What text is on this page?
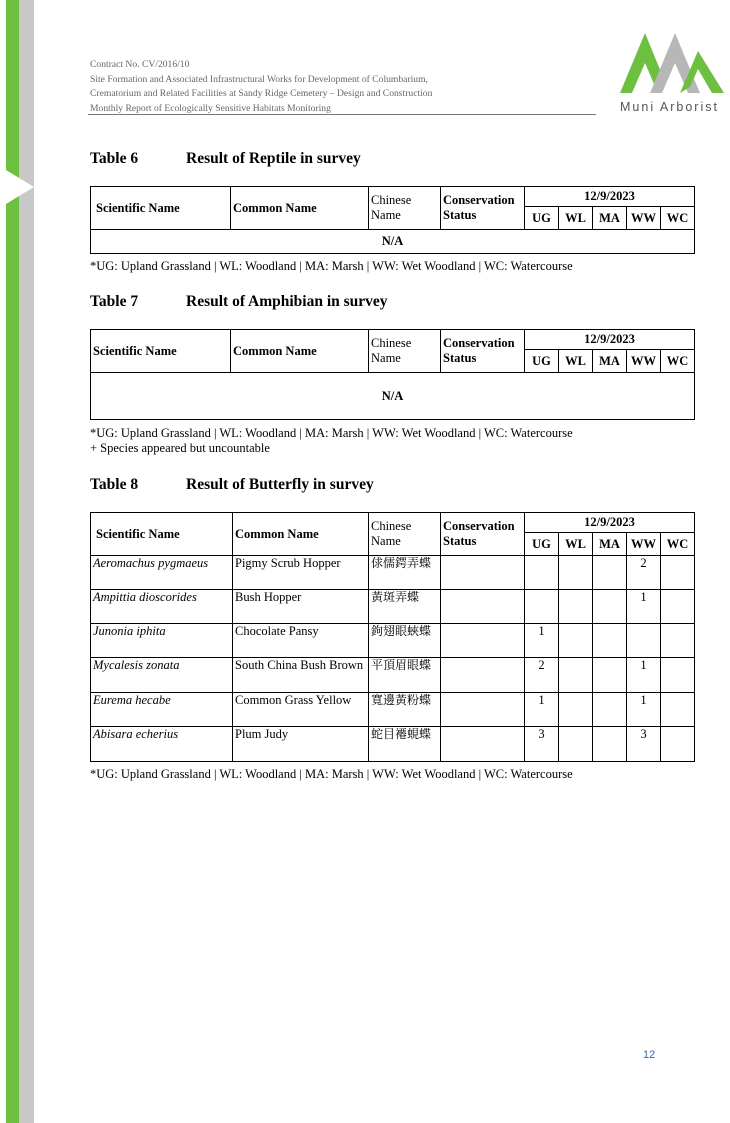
Contract No. CV/2016/10
Site Formation and Associated Infrastructural Works for Development of Columbarium,
Crematorium and Related Facilities at Sandy Ridge Cemetery – Design and Construction
Monthly Report of Ecologically Sensitive Habitats Monitoring	Muni Arborist
Table 6	Result of Reptile in survey
Scientific Name	Common Name	Chinese Name	Conservation Status	12/9/2023				
				UG	WL	MA	WW	WC
N/A								
*UG: Upland Grassland | WL: Woodland | MA: Marsh | WW: Wet Woodland | WC: Watercourse
Table 7	Result of Amphibian in survey
Scientific Name	Common Name	Chinese Name	Conservation Status	12/9/2023				
				UG	WL	MA	WW	WC
N/A								
*UG: Upland Grassland | WL: Woodland | MA: Marsh | WW: Wet Woodland | WC: Watercourse
+ Species appeared but uncountable
Table 8	Result of Butterfly in survey
Scientific Name	Common Name	Chinese Name	Conservation Status	12/9/2023				
				UG	WL	MA	WW	WC
Aeromachus pygmaeus	Pigmy Scrub Hopper	俅儒鍔弄蝶					2	
Ampittia dioscorides	Bush Hopper	黃斑弄蝶					1	
Junonia iphita	Chocolate Pansy	鉤翅眼蛺蝶		1				
Mycalesis zonata	South China Bush Brown	平頂眉眼蝶		2			1	
Eurema hecabe	Common Grass Yellow	寬邊黃粉蝶		1			1	
Abisara echerius	Plum Judy	蛇目褼蜆蝶		3			3	
*UG: Upland Grassland | WL: Woodland | MA: Marsh | WW: Wet Woodland | WC: Watercourse
12
